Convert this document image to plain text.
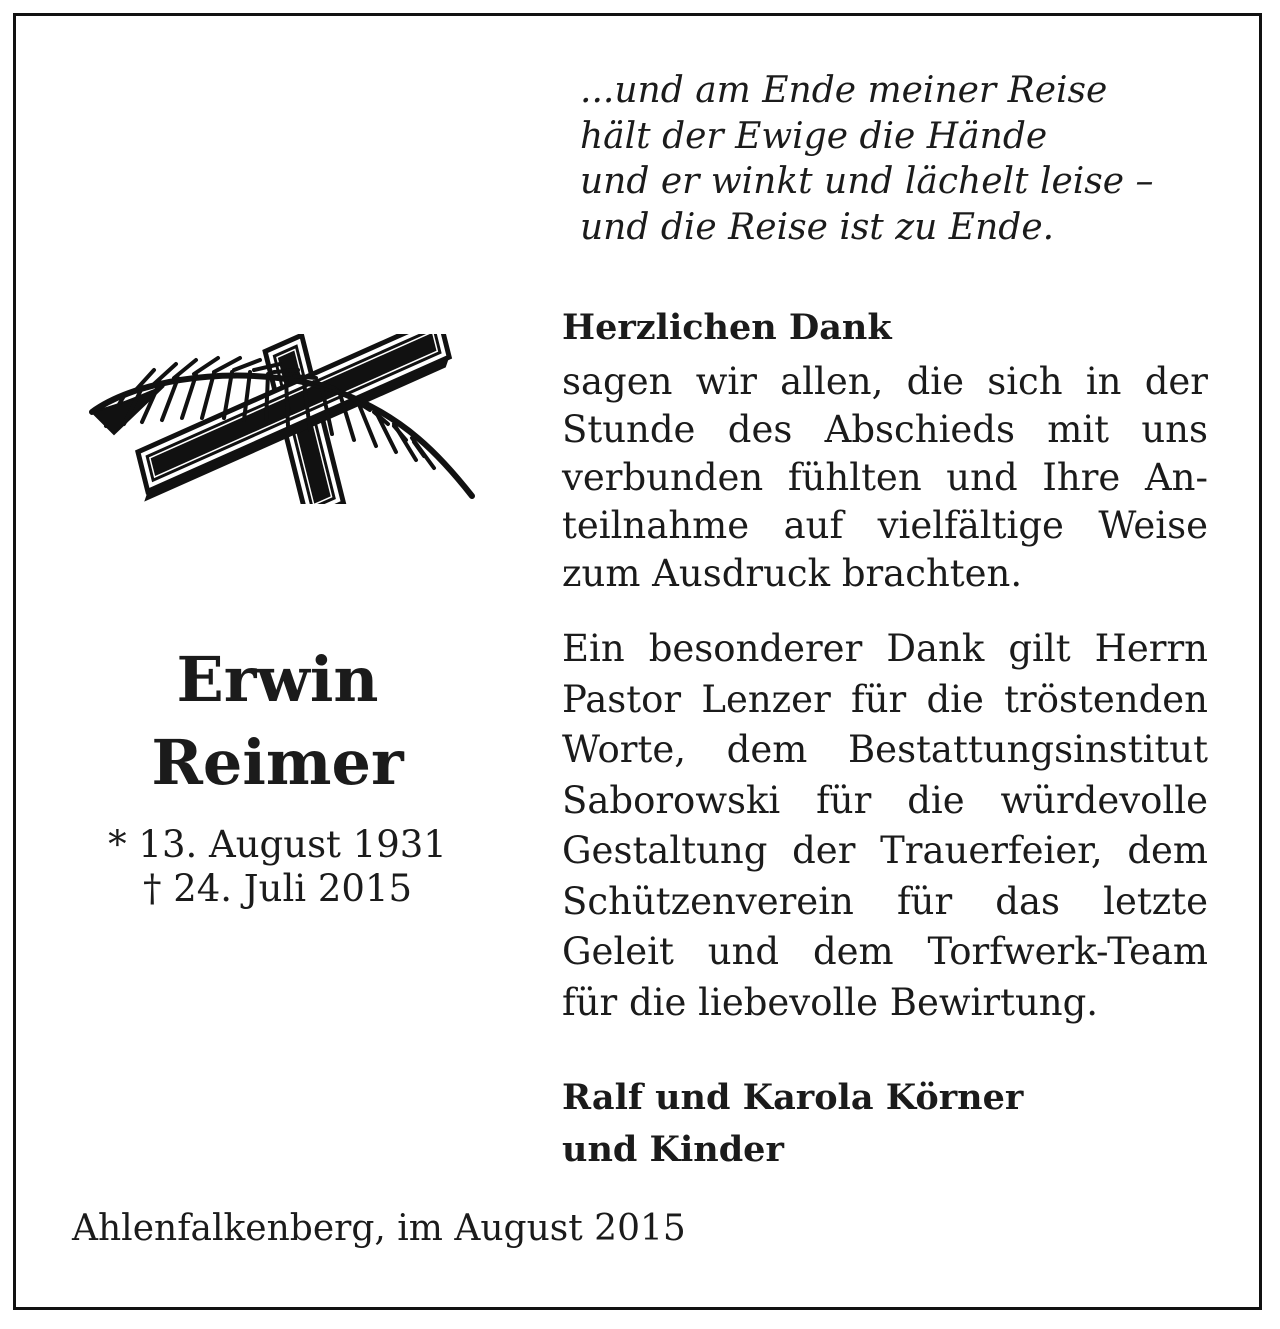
...und am Ende meiner Reise
hält der Ewige die Hände
und er winkt und lächelt leise –
und die Reise ist zu Ende.
Erwin
Reimer
* 13. August 1931
† 24. Juli 2015
Herzlichen Dank
sagen wir allen, die sich in der
Stunde des Abschieds mit uns
verbunden fühlten und Ihre An-
teilnahme auf vielfältige Weise
zum Ausdruck brachten.
Ein besonderer Dank gilt Herrn
Pastor Lenzer für die tröstenden
Worte, dem Bestattungsinstitut
Saborowski für die würdevolle
Gestaltung der Trauerfeier, dem
Schützenverein für das letzte
Geleit und dem Torfwerk-Team
für die liebevolle Bewirtung.
Ralf und Karola Körner
und Kinder
Ahlenfalkenberg, im August 2015
